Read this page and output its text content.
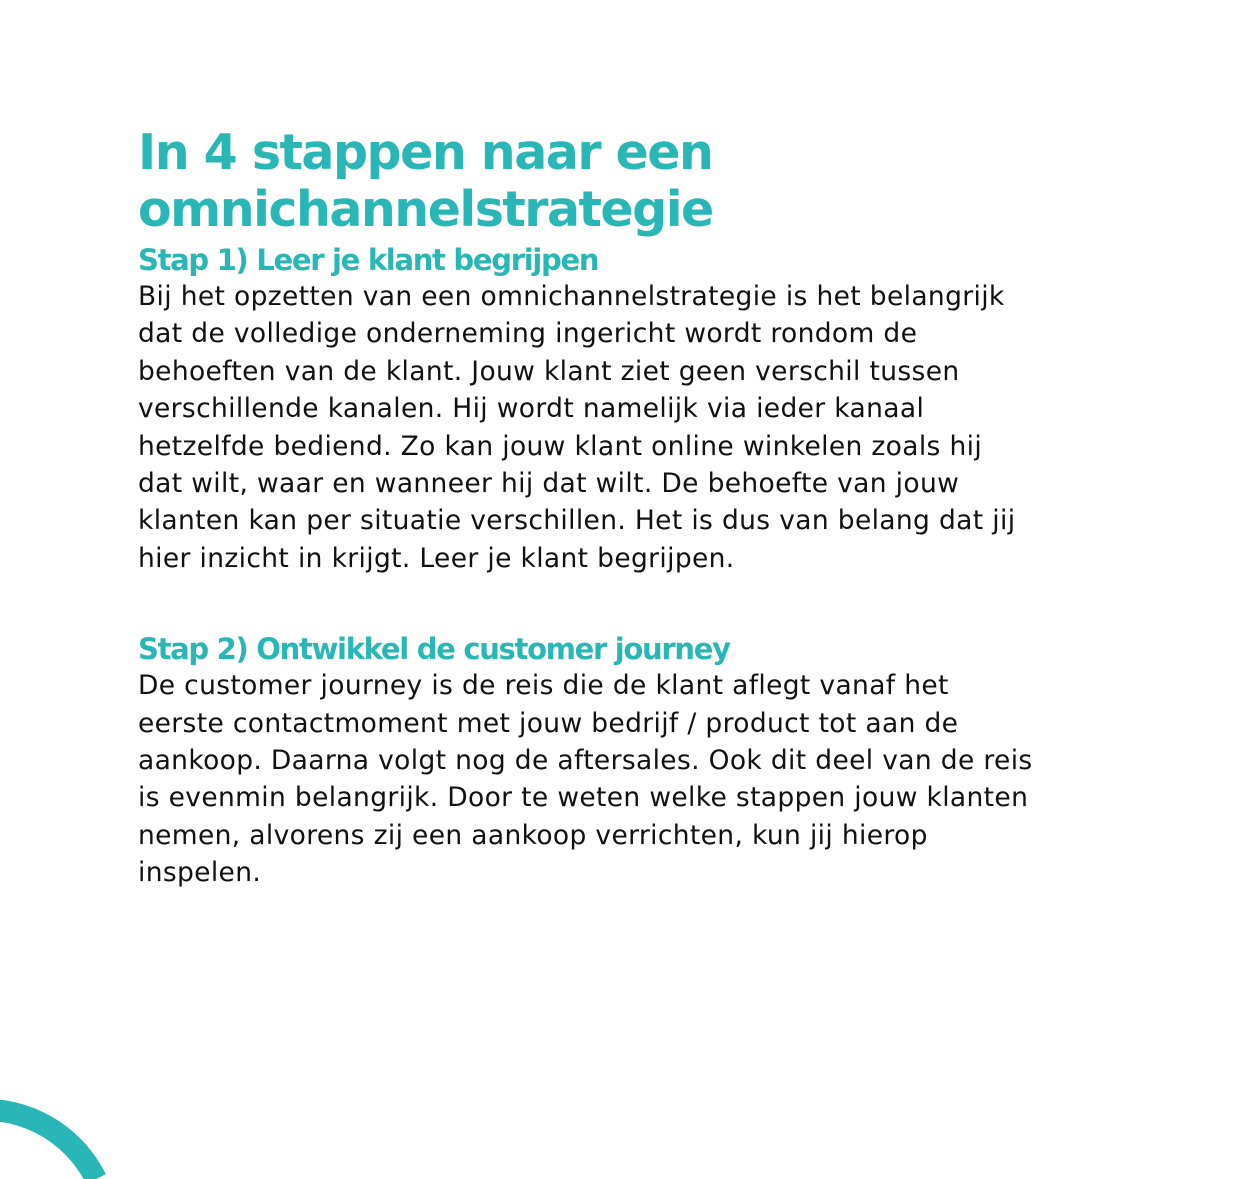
In 4 stappen naar een
omnichannelstrategie
Stap 1) Leer je klant begrijpen

Bij het opzetten van een omnichannelstrategie is het belangrijk
dat de volledige onderneming ingericht wordt rondom de
behoeften van de klant. Jouw klant ziet geen verschil tussen
verschillende kanalen. Hij wordt namelijk via ieder kanaal
hetzelfde bediend. Zo kan jouw klant online winkelen zoals hij
dat wilt, waar en wanneer hij dat wilt. De behoefte van jouw
klanten kan per situatie verschillen. Het is dus van belang dat jij
hier inzicht in krijgt. Leer je klant begrijpen.

Stap 2) Ontwikkel de customer journey

De customer journey is de reis die de klant aflegt vanaf het
eerste contactmoment met jouw bedrijf / product tot aan de
aankoop. Daarna volgt nog de aftersales. Ook dit deel van de reis
is evenmin belangrijk. Door te weten welke stappen jouw klanten
nemen, alvorens zij een aankoop verrichten, kun jij hierop
inspelen.
